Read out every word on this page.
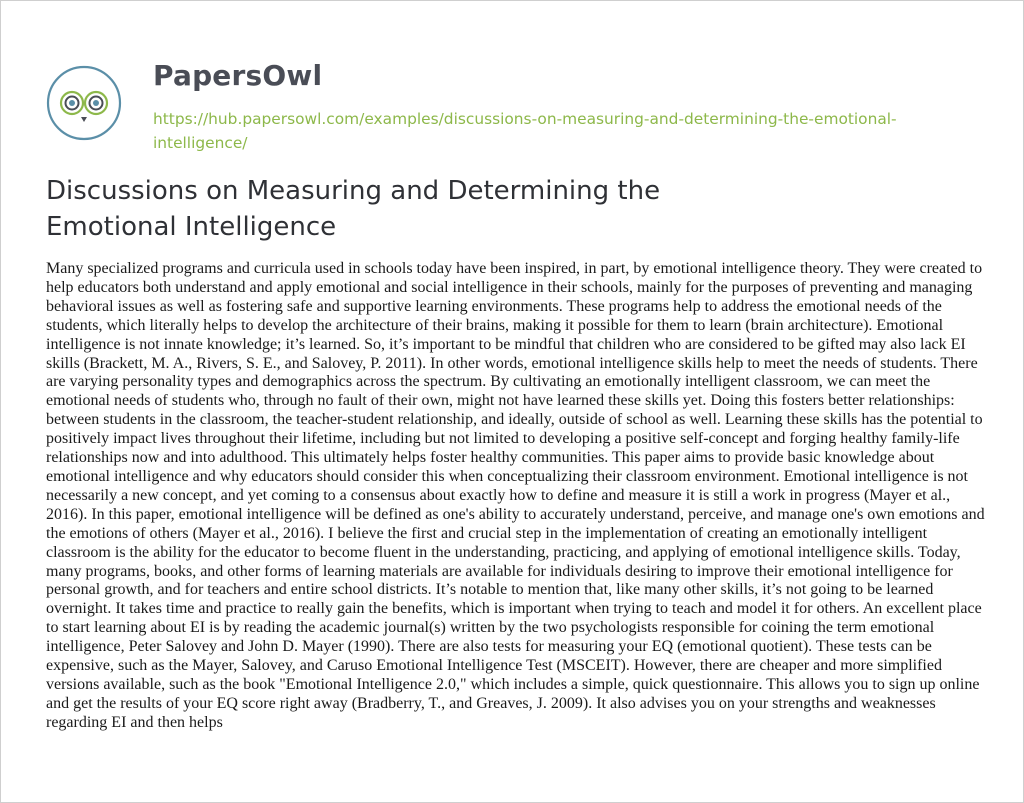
PapersOwl

https://hub.papersowl.com/examples/discussions-on-measuring-and-determining-the-emotional-intelligence/

Discussions on Measuring and Determining the Emotional Intelligence

Many specialized programs and curricula used in schools today have been inspired, in part, by emotional intelligence theory. They were created to help educators both understand and apply emotional and social intelligence in their schools, mainly for the purposes of preventing and managing behavioral issues as well as fostering safe and supportive learning environments. These programs help to address the emotional needs of the students, which literally helps to develop the architecture of their brains, making it possible for them to learn (brain architecture). Emotional intelligence is not innate knowledge; it’s learned. So, it’s important to be mindful that children who are considered to be gifted may also lack EI skills (Brackett, M. A., Rivers, S. E., and Salovey, P. 2011). In other words, emotional intelligence skills help to meet the needs of students. There are varying personality types and demographics across the spectrum. By cultivating an emotionally intelligent classroom, we can meet the emotional needs of students who, through no fault of their own, might not have learned these skills yet. Doing this fosters better relationships: between students in the classroom, the teacher-student relationship, and ideally, outside of school as well. Learning these skills has the potential to positively impact lives throughout their lifetime, including but not limited to developing a positive self-concept and forging healthy family-life relationships now and into adulthood. This ultimately helps foster healthy communities. This paper aims to provide basic knowledge about emotional intelligence and why educators should consider this when conceptualizing their classroom environment. Emotional intelligence is not necessarily a new concept, and yet coming to a consensus about exactly how to define and measure it is still a work in progress (Mayer et al., 2016). In this paper, emotional intelligence will be defined as one's ability to accurately understand, perceive, and manage one's own emotions and the emotions of others (Mayer et al., 2016). I believe the first and crucial step in the implementation of creating an emotionally intelligent classroom is the ability for the educator to become fluent in the understanding, practicing, and applying of emotional intelligence skills. Today, many programs, books, and other forms of learning materials are available for individuals desiring to improve their emotional intelligence for personal growth, and for teachers and entire school districts. It’s notable to mention that, like many other skills, it’s not going to be learned overnight. It takes time and practice to really gain the benefits, which is important when trying to teach and model it for others. An excellent place to start learning about EI is by reading the academic journal(s) written by the two psychologists responsible for coining the term emotional intelligence, Peter Salovey and John D. Mayer (1990). There are also tests for measuring your EQ (emotional quotient). These tests can be expensive, such as the Mayer, Salovey, and Caruso Emotional Intelligence Test (MSCEIT). However, there are cheaper and more simplified versions available, such as the book "Emotional Intelligence 2.0," which includes a simple, quick questionnaire. This allows you to sign up online and get the results of your EQ score right away (Bradberry, T., and Greaves, J. 2009). It also advises you on your strengths and weaknesses regarding EI and then helps
